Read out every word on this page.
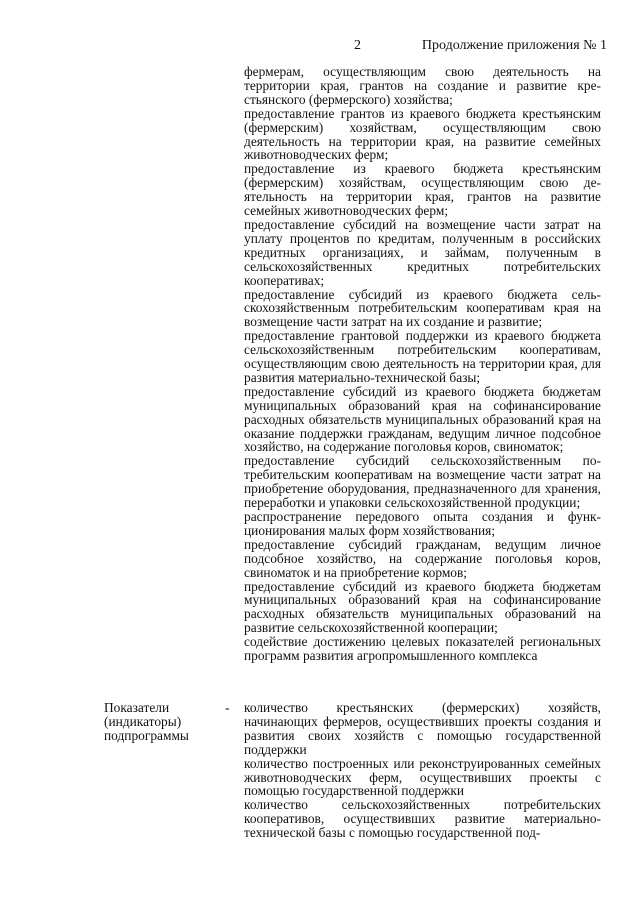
2	Продолжение приложения № 1
фермерам, осуществляющим свою деятельность на территории края, грантов на создание и развитие крестьянского (фермерского) хозяйства;
предоставление грантов из краевого бюджета крестьянским (фермерским) хозяйствам, осуществляющим свою деятельность на территории края, на развитие семейных животноводческих ферм;
предоставление из краевого бюджета крестьянским (фермерским) хозяйствам, осуществляющим свою деятельность на территории края, грантов на развитие семейных животноводческих ферм;
предоставление субсидий на возмещение части затрат на уплату процентов по кредитам, полученным в российских кредитных организациях, и займам, полученным в сельскохозяйственных кредитных потребительских кооперативах;
предоставление субсидий из краевого бюджета сельскохозяйственным потребительским кооперативам края на возмещение части затрат на их создание и развитие;
предоставление грантовой поддержки из краевого бюджета сельскохозяйственным потребительским кооперативам, осуществляющим свою деятельность на территории края, для развития материально-технической базы;
предоставление субсидий из краевого бюджета бюджетам муниципальных образований края на софинансирование расходных обязательств муниципальных образований края на оказание поддержки гражданам, ведущим личное подсобное хозяйство, на содержание поголовья коров, свиноматок;
предоставление субсидий сельскохозяйственным потребительским кооперативам на возмещение части затрат на приобретение оборудования, предназначенного для хранения, переработки и упаковки сельскохозяйственной продукции;
распространение передового опыта создания и функционирования малых форм хозяйствования;
предоставление субсидий гражданам, ведущим личное подсобное хозяйство, на содержание поголовья коров, свиноматок и на приобретение кормов;
предоставление субсидий из краевого бюджета бюджетам муниципальных образований края на софинансирование расходных обязательств муниципальных образований на развитие сельскохозяйственной кооперации;
содействие достижению целевых показателей региональных программ развития агропромышленного комплекса
Показатели
(индикаторы)
подпрограммы
- количество крестьянских (фермерских) хозяйств, начинающих фермеров, осуществивших проекты создания и развития своих хозяйств с помощью государственной поддержки
количество построенных или реконструированных семейных животноводческих ферм, осуществивших проекты с помощью государственной поддержки
количество сельскохозяйственных потребительских кооперативов, осуществивших развитие материально-технической базы с помощью государственной под-
